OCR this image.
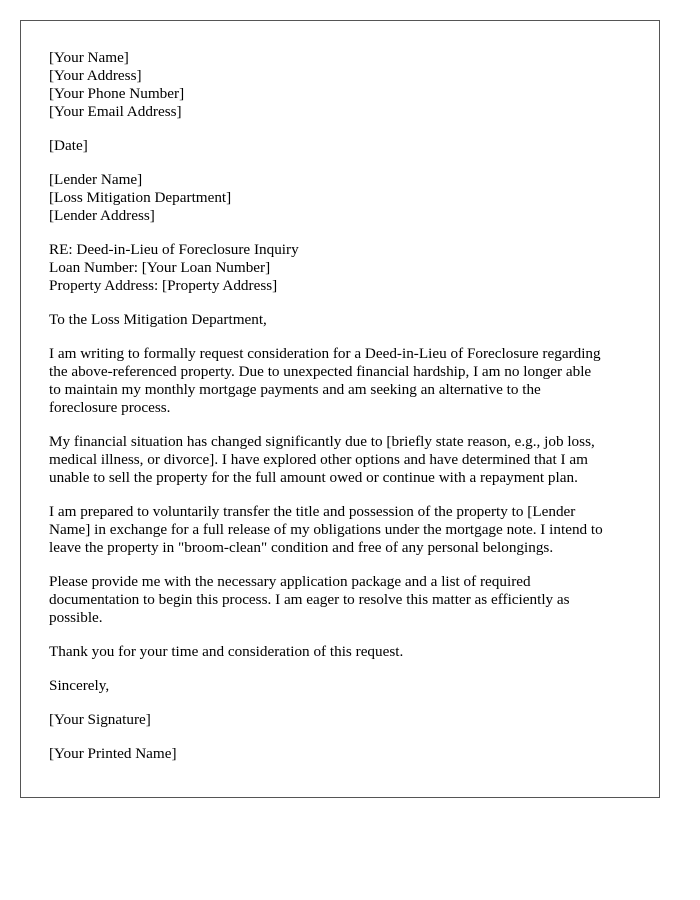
[Your Name]
[Your Address]
[Your Phone Number]
[Your Email Address]
[Date]
[Lender Name]
[Loss Mitigation Department]
[Lender Address]
RE: Deed-in-Lieu of Foreclosure Inquiry
Loan Number: [Your Loan Number]
Property Address: [Property Address]

To the Loss Mitigation Department,

I am writing to formally request consideration for a Deed-in-Lieu of Foreclosure regarding
the above-referenced property. Due to unexpected financial hardship, I am no longer able
to maintain my monthly mortgage payments and am seeking an alternative to the
foreclosure process.

My financial situation has changed significantly due to [briefly state reason, e.g., job loss,
medical illness, or divorce]. I have explored other options and have determined that I am
unable to sell the property for the full amount owed or continue with a repayment plan.

I am prepared to voluntarily transfer the title and possession of the property to [Lender
Name] in exchange for a full release of my obligations under the mortgage note. I intend to
leave the property in "broom-clean" condition and free of any personal belongings.

Please provide me with the necessary application package and a list of required
documentation to begin this process. I am eager to resolve this matter as efficiently as
possible.

Thank you for your time and consideration of this request.

Sincerely,

[Your Signature]

[Your Printed Name]
